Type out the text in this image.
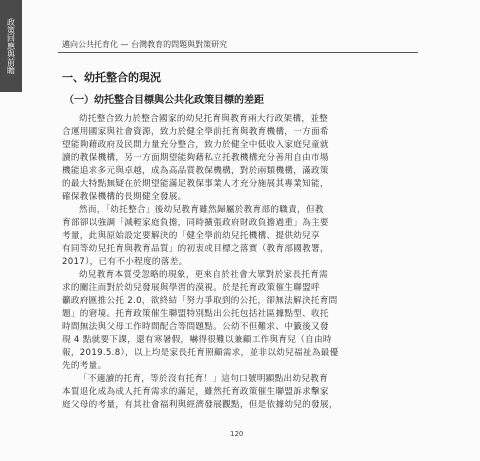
政策回應與前瞻	邁向公共托育化 — 台灣教育的問題與對策研究
一、幼托整合的現況
（一）幼托整合目標與公共化政策目標的差距
幼托整合致力於整合國家的幼兒托育與教育兩大行政架構，並整
合運用國家與社會資源，致力於健全學前托育與教育機構，一方面希
望能夠藉政府及民間力量充分整合，致力於健全中低收入家庭兒童就
讀的教保機構，另一方面期望能夠藉私立托教機構充分善用自由市場
機能追求多元與卓越，成為高品質教保機構，對於兩類機構，滿政策
的最大特點無疑在於期望能滿足教保事業人才充分施展其專業知能，
確保教保機構的長期健全發展。
然而，「幼托整合」後幼兒教育雖然歸屬於教育部的職責，但教
育部卻以強調「減輕家庭負擔，同時擴張政府財政負擔過重」為主要
考量，此與原始設定要解決的「健全學前幼兒托機構、提供幼兒享
有同等幼兒托育與教育品質」的初衷或目標之落實（教育部國教署，
2017），已有不小程度的落差。
幼兒教育本質受忽略的現象，更來自於社會大眾對於家長托育需
求的關注而對於幼兒發展與學習的漠視。於是托育政策催生聯盟呼
籲政府匯推公托 2.0，欲終結「努力爭取到的公托，卻無法解決托育問
題」的窘境。托育政策催生聯盟特別點出公托包括社區據點型、收托
時間無法與父母工作時間配合等問題點。公幼不但難求、中籤後又發
現 4 點就要下課，還有寒暑假，嚇得很難以兼顧工作與育兒（自由時
報，2019.5.8），以上均是家長托育照顧需求，並非以幼兒福祉為最優
先的考量。
「不適讀的托育，等於沒有托育！」這句口號明顯點出幼兒教育
本質退化成為成人托育需求的滿足，雖然托育政策催生聯盟訴求擊家
庭父母的考量，有其社會福利與經濟發展觀點，但是依據幼兒的發展，
120
